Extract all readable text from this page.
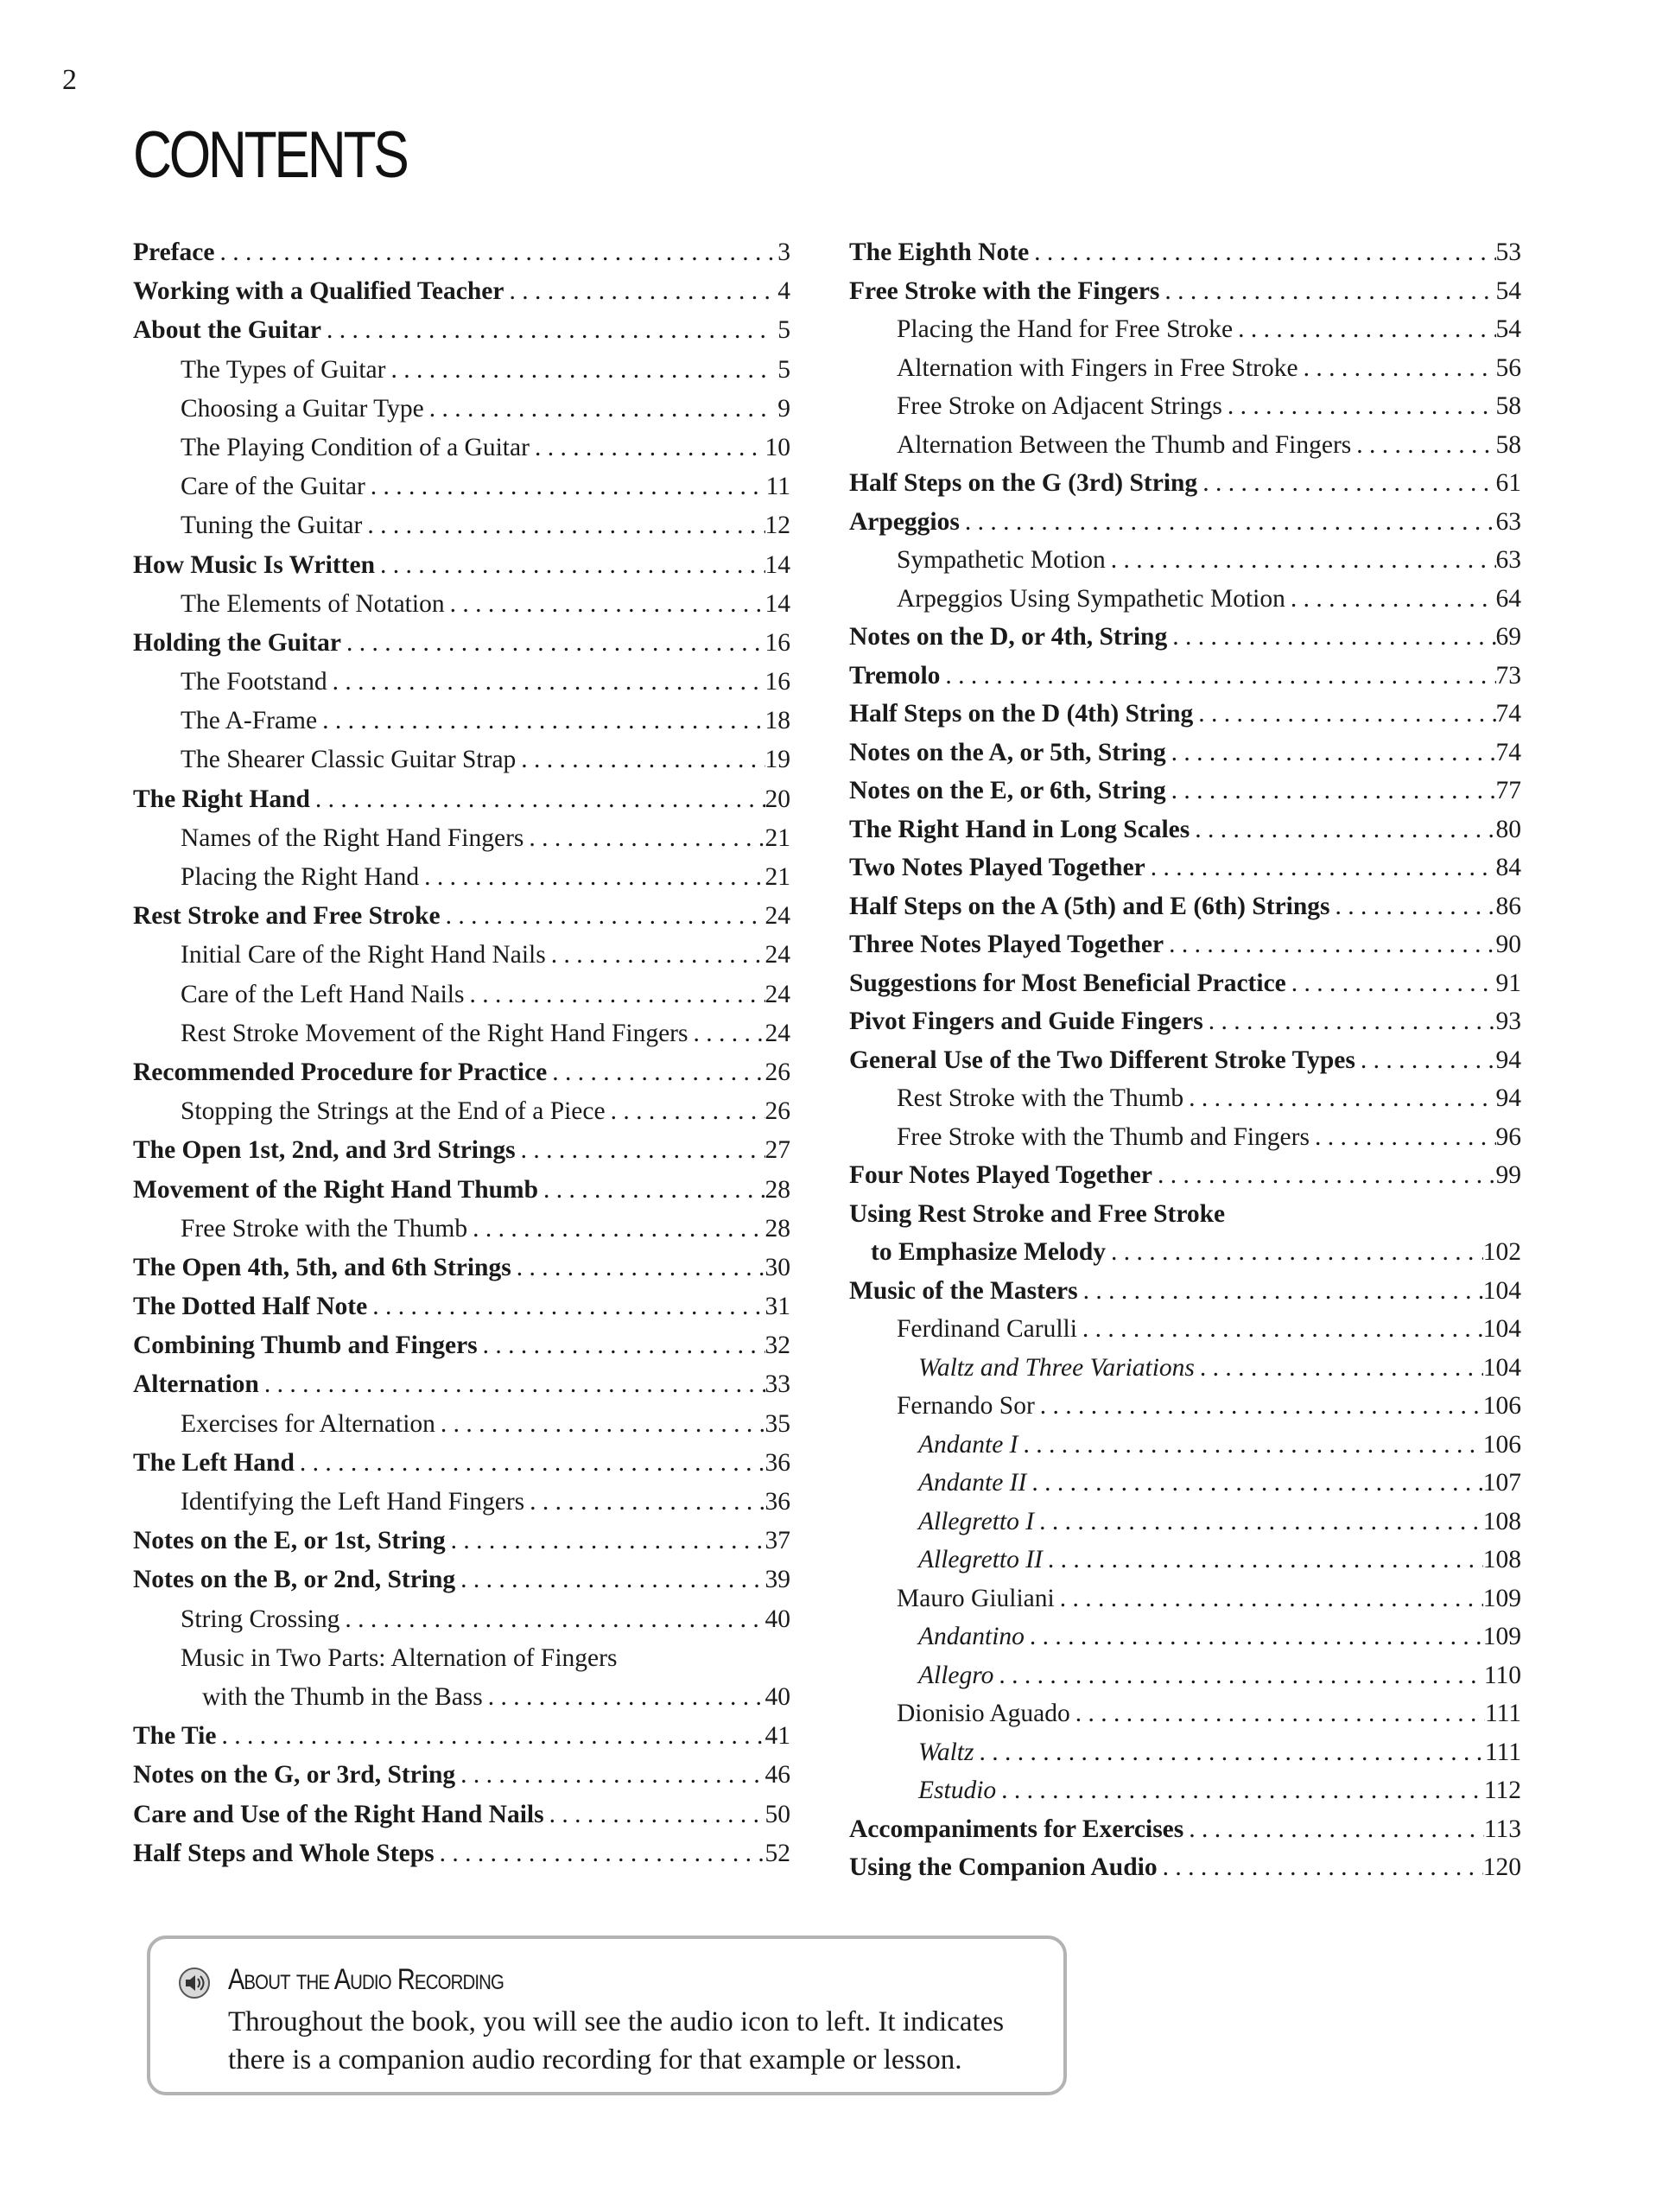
2
CONTENTS
Preface . . .	3
Working with a Qualified Teacher . . .	4
About the Guitar . . .	5
The Types of Guitar . . .	5
Choosing a Guitar Type . . .	9
The Playing Condition of a Guitar . . .	10
Care of the Guitar . . .	11
Tuning the Guitar . . .	12
How Music Is Written . . .	14
The Elements of Notation . . .	14
Holding the Guitar . . .	16
The Footstand . . .	16
The A-Frame . . .	18
The Shearer Classic Guitar Strap . . .	19
The Right Hand . . .	20
Names of the Right Hand Fingers . . .	21
Placing the Right Hand . . .	21
Rest Stroke and Free Stroke . . .	24
Initial Care of the Right Hand Nails . . .	24
Care of the Left Hand Nails . . .	24
Rest Stroke Movement of the Right Hand Fingers . . .	24
Recommended Procedure for Practice . . .	26
Stopping the Strings at the End of a Piece . . .	26
The Open 1st, 2nd, and 3rd Strings . . .	27
Movement of the Right Hand Thumb . . .	28
Free Stroke with the Thumb . . .	28
The Open 4th, 5th, and 6th Strings . . .	30
The Dotted Half Note . . .	31
Combining Thumb and Fingers . . .	32
Alternation . . .	33
Exercises for Alternation . . .	35
The Left Hand . . .	36
Identifying the Left Hand Fingers . . .	36
Notes on the E, or 1st, String . . .	37
Notes on the B, or 2nd, String . . .	39
String Crossing . . .	40
Music in Two Parts: Alternation of Fingers
with the Thumb in the Bass . . .	40
The Tie . . .	41
Notes on the G, or 3rd, String . . .	46
Care and Use of the Right Hand Nails . . .	50
Half Steps and Whole Steps . . .	52
The Eighth Note . . .	53
Free Stroke with the Fingers . . .	54
Placing the Hand for Free Stroke . . .	54
Alternation with Fingers in Free Stroke . . .	56
Free Stroke on Adjacent Strings . . .	58
Alternation Between the Thumb and Fingers . . .	58
Half Steps on the G (3rd) String . . .	61
Arpeggios . . .	63
Sympathetic Motion . . .	63
Arpeggios Using Sympathetic Motion . . .	64
Notes on the D, or 4th, String . . .	69
Tremolo . . .	73
Half Steps on the D (4th) String . . .	74
Notes on the A, or 5th, String . . .	74
Notes on the E, or 6th, String . . .	77
The Right Hand in Long Scales . . .	80
Two Notes Played Together . . .	84
Half Steps on the A (5th) and E (6th) Strings . . .	86
Three Notes Played Together . . .	90
Suggestions for Most Beneficial Practice . . .	91
Pivot Fingers and Guide Fingers . . .	93
General Use of the Two Different Stroke Types . . .	94
Rest Stroke with the Thumb . . .	94
Free Stroke with the Thumb and Fingers . . .	96
Four Notes Played Together . . .	99
Using Rest Stroke and Free Stroke
to Emphasize Melody . . .	102
Music of the Masters . . .	104
Ferdinand Carulli . . .	104
Waltz and Three Variations . . .	104
Fernando Sor . . .	106
Andante I . . .	106
Andante II . . .	107
Allegretto I . . .	108
Allegretto II . . .	108
Mauro Giuliani . . .	109
Andantino . . .	109
Allegro . . .	110
Dionisio Aguado . . .	111
Waltz . . .	111
Estudio . . .	112
Accompaniments for Exercises . . .	113
Using the Companion Audio . . .	120
About the Audio Recording
Throughout the book, you will see the audio icon to left. It indicates there is a companion audio recording for that example or lesson.
